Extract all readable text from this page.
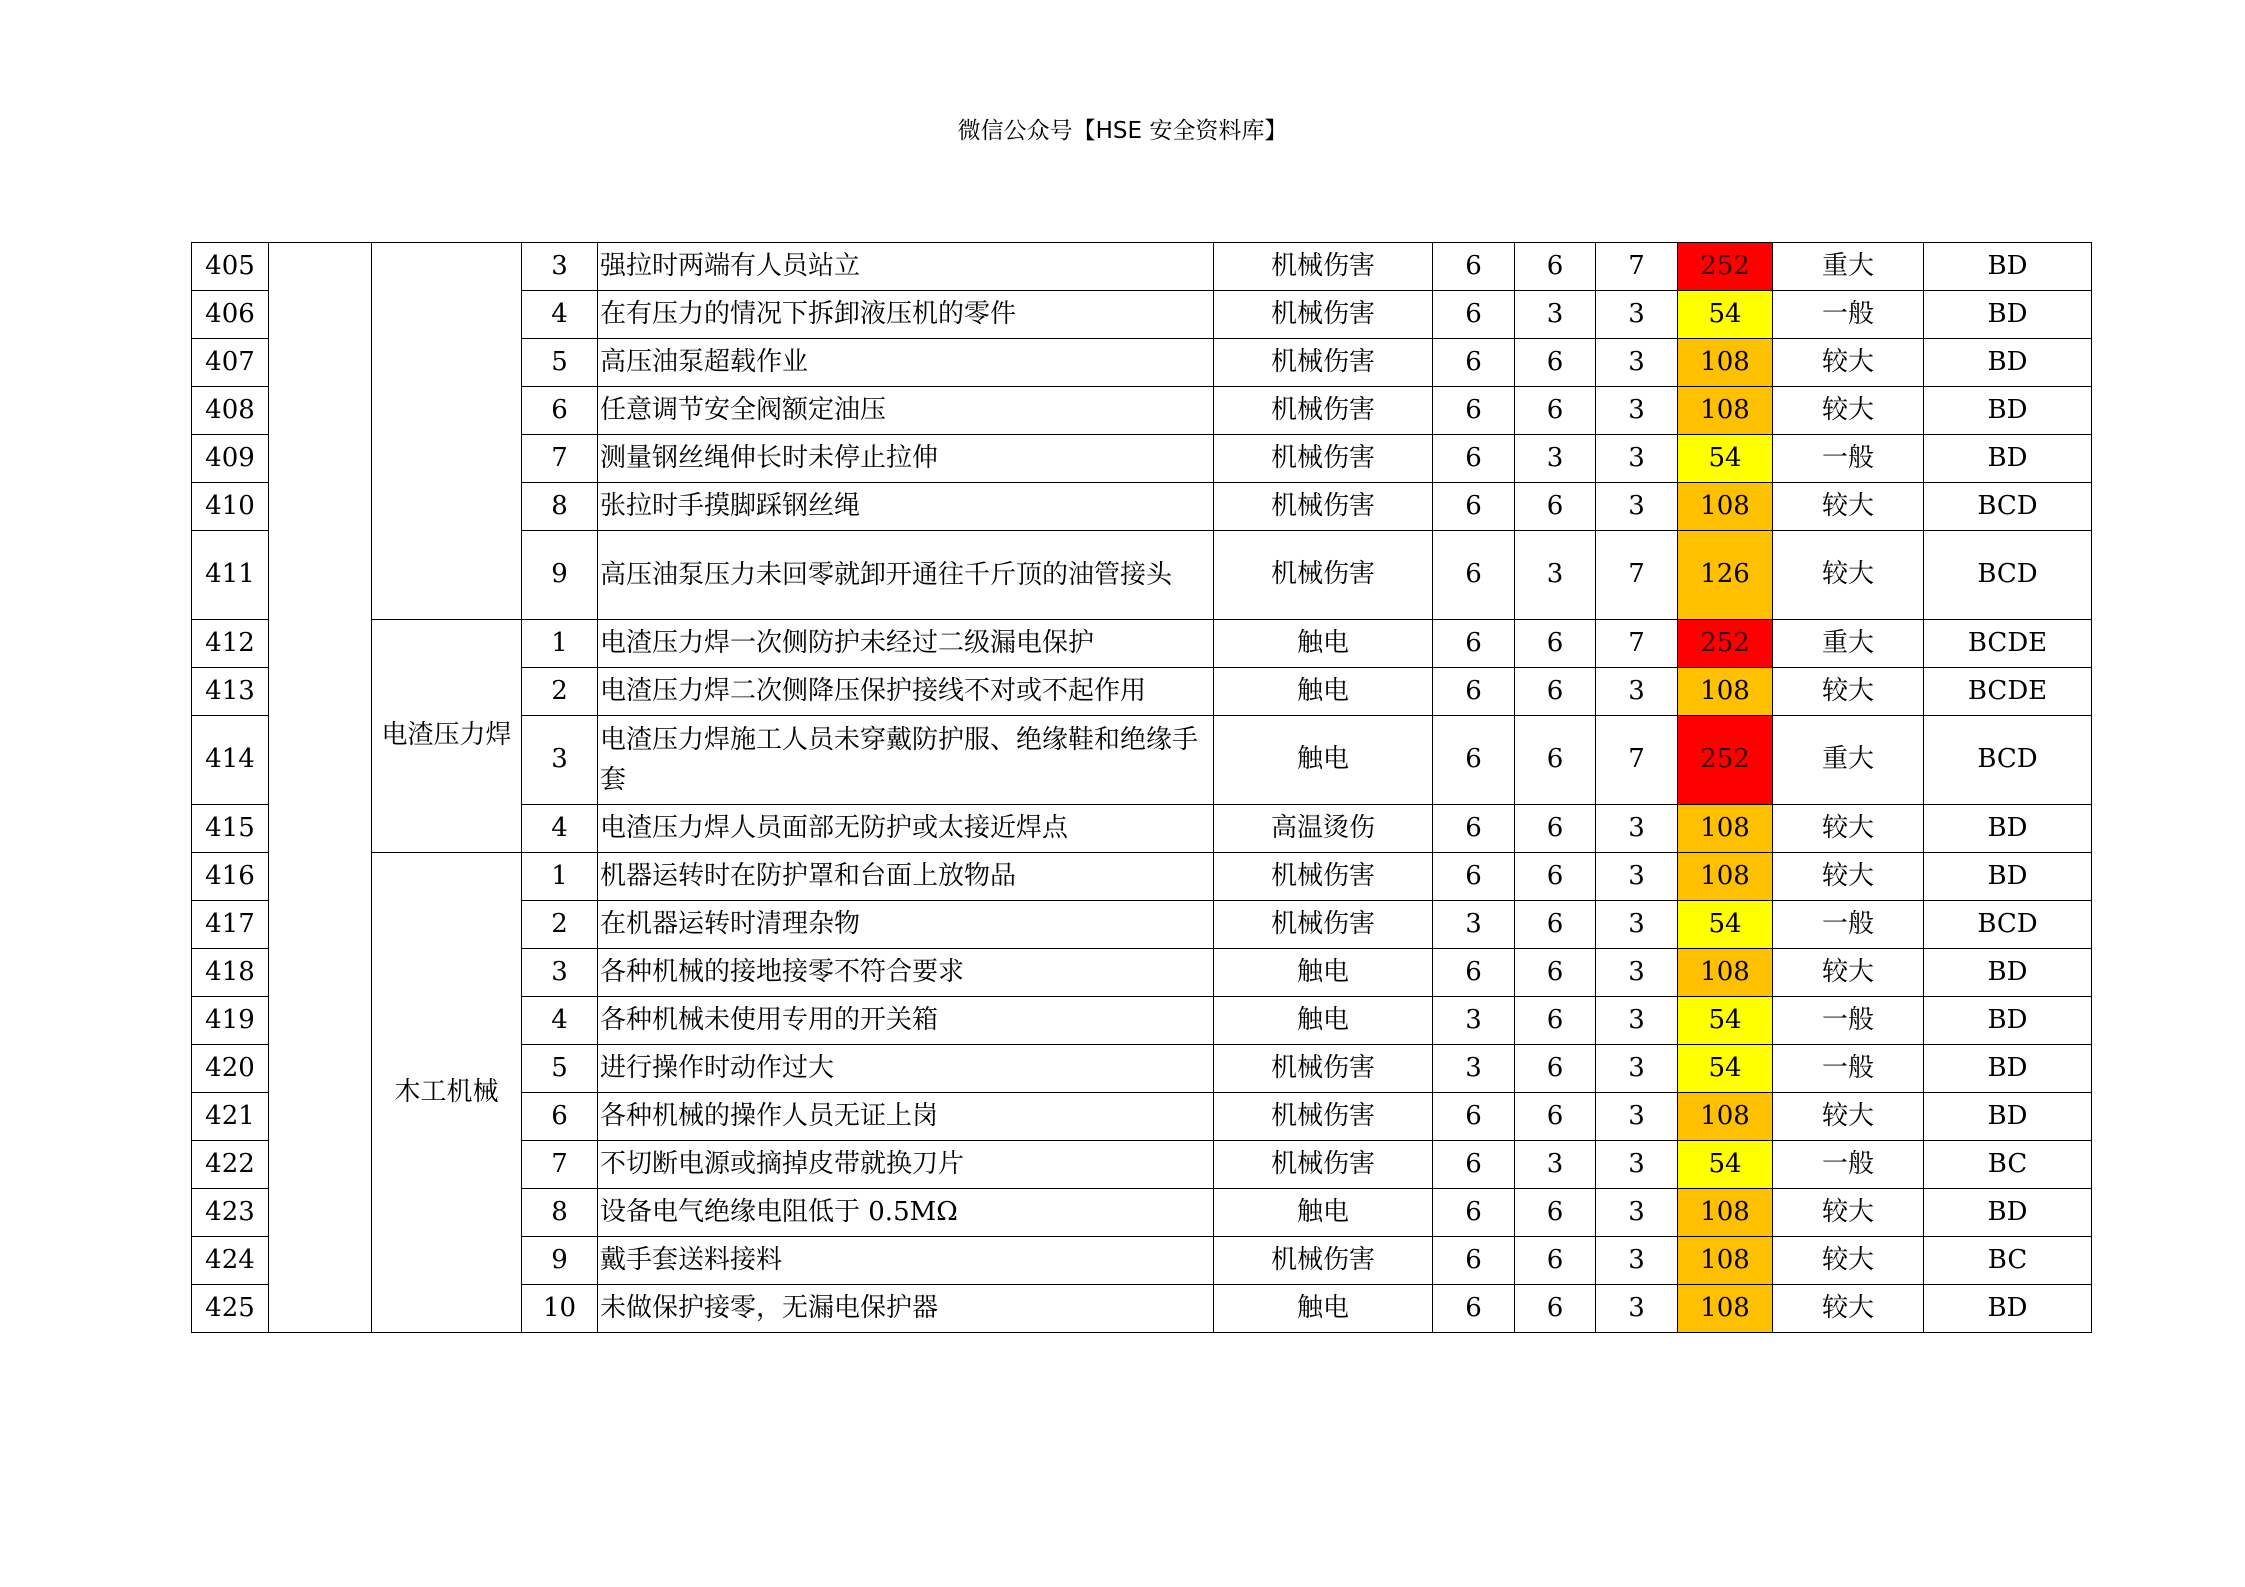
微信公众号【HSE 安全资料库】
405			3	强拉时两端有人员站立	机械伤害	6	6	7	252	重大	BD
406			4	在有压力的情况下拆卸液压机的零件	机械伤害	6	3	3	54	一般	BD
407			5	高压油泵超载作业	机械伤害	6	6	3	108	较大	BD
408			6	任意调节安全阀额定油压	机械伤害	6	6	3	108	较大	BD
409			7	测量钢丝绳伸长时未停止拉伸	机械伤害	6	3	3	54	一般	BD
410			8	张拉时手摸脚踩钢丝绳	机械伤害	6	6	3	108	较大	BCD
411			9	高压油泵压力未回零就卸开通往千斤顶的油管接头	机械伤害	6	3	7	126	较大	BCD
412		电渣压力焊	1	电渣压力焊一次侧防护未经过二级漏电保护	触电	6	6	7	252	重大	BCDE
413			2	电渣压力焊二次侧降压保护接线不对或不起作用	触电	6	6	3	108	较大	BCDE
414			3	电渣压力焊施工人员未穿戴防护服、绝缘鞋和绝缘手套	触电	6	6	7	252	重大	BCD
415			4	电渣压力焊人员面部无防护或太接近焊点	高温烫伤	6	6	3	108	较大	BD
416		木工机械	1	机器运转时在防护罩和台面上放物品	机械伤害	6	6	3	108	较大	BD
417			2	在机器运转时清理杂物	机械伤害	3	6	3	54	一般	BCD
418			3	各种机械的接地接零不符合要求	触电	6	6	3	108	较大	BD
419			4	各种机械未使用专用的开关箱	触电	3	6	3	54	一般	BD
420			5	进行操作时动作过大	机械伤害	3	6	3	54	一般	BD
421			6	各种机械的操作人员无证上岗	机械伤害	6	6	3	108	较大	BD
422			7	不切断电源或摘掉皮带就换刀片	机械伤害	6	3	3	54	一般	BC
423			8	设备电气绝缘电阻低于 0.5MΩ	触电	6	6	3	108	较大	BD
424			9	戴手套送料接料	机械伤害	6	6	3	108	较大	BC
425			10	未做保护接零，无漏电保护器	触电	6	6	3	108	较大	BD
